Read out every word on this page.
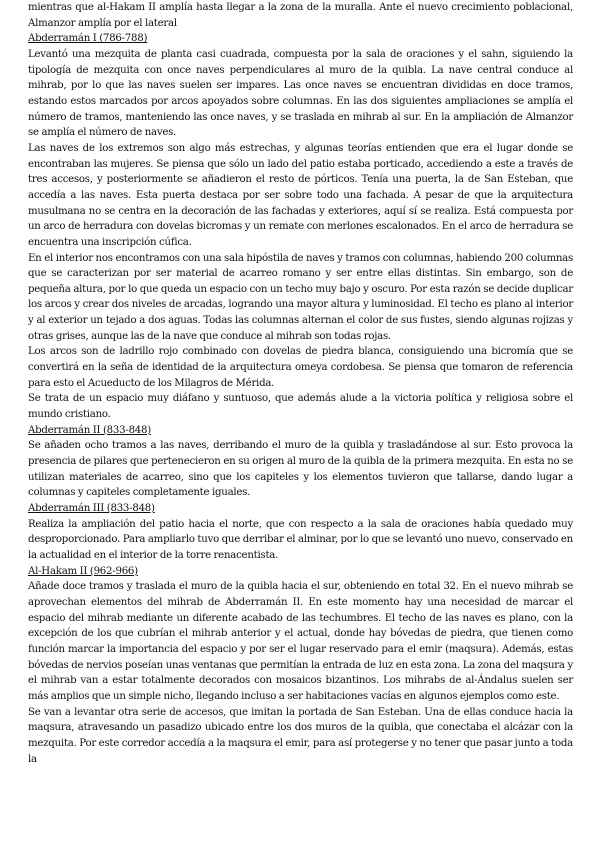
mientras que al-Hakam II amplía hasta llegar a la zona de la muralla. Ante el nuevo crecimiento poblacional, Almanzor amplía por el lateral

Abderramán I (786-788)

Levantó una mezquita de planta casi cuadrada, compuesta por la sala de oraciones y el sahn, siguiendo la tipología de mezquita con once naves perpendiculares al muro de la quibla. La nave central conduce al mihrab, por lo que las naves suelen ser impares. Las once naves se encuentran divididas en doce tramos, estando estos marcados por arcos apoyados sobre columnas. En las dos siguientes ampliaciones se amplía el número de tramos, manteniendo las once naves, y se traslada en mihrab al sur. En la ampliación de Almanzor se amplía el número de naves.

Las naves de los extremos son algo más estrechas, y algunas teorías entienden que era el lugar donde se encontraban las mujeres. Se piensa que sólo un lado del patio estaba porticado, accediendo a este a través de tres accesos, y posteriormente se añadieron el resto de pórticos. Tenía una puerta, la de San Esteban, que accedía a las naves. Esta puerta destaca por ser sobre todo una fachada. A pesar de que la arquitectura musulmana no se centra en la decoración de las fachadas y exteriores, aquí sí se realiza. Está compuesta por un arco de herradura con dovelas bicromas y un remate con merlones escalonados. En el arco de herradura se encuentra una inscripción cúfica.

En el interior nos encontramos con una sala hipóstila de naves y tramos con columnas, habiendo 200 columnas que se caracterizan por ser material de acarreo romano y ser entre ellas distintas. Sin embargo, son de pequeña altura, por lo que queda un espacio con un techo muy bajo y oscuro. Por esta razón se decide duplicar los arcos y crear dos niveles de arcadas, logrando una mayor altura y luminosidad. El techo es plano al interior y al exterior un tejado a dos aguas. Todas las columnas alternan el color de sus fustes, siendo algunas rojizas y otras grises, aunque las de la nave que conduce al mihrab son todas rojas.

Los arcos son de ladrillo rojo combinado con dovelas de piedra blanca, consiguiendo una bicromía que se convertirá en la seña de identidad de la arquitectura omeya cordobesa. Se piensa que tomaron de referencia para esto el Acueducto de los Milagros de Mérida.

Se trata de un espacio muy diáfano y suntuoso, que además alude a la victoria política y religiosa sobre el mundo cristiano.

Abderramán II (833-848)

Se añaden ocho tramos a las naves, derribando el muro de la quibla y trasladándose al sur. Esto provoca la presencia de pilares que pertenecieron en su origen al muro de la quibla de la primera mezquita. En esta no se utilizan materiales de acarreo, sino que los capiteles y los elementos tuvieron que tallarse, dando lugar a columnas y capiteles completamente iguales.

Abderramán III (833-848)

Realiza la ampliación del patio hacia el norte, que con respecto a la sala de oraciones había quedado muy desproporcionado. Para ampliarlo tuvo que derribar el alminar, por lo que se levantó uno nuevo, conservado en la actualidad en el interior de la torre renacentista.

Al-Hakam II (962-966)

Añade doce tramos y traslada el muro de la quibla hacia el sur, obteniendo en total 32. En el nuevo mihrab se aprovechan elementos del mihrab de Abderramán II. En este momento hay una necesidad de marcar el espacio del mihrab mediante un diferente acabado de las techumbres. El techo de las naves es plano, con la excepción de los que cubrían el mihrab anterior y el actual, donde hay bóvedas de piedra, que tienen como función marcar la importancia del espacio y por ser el lugar reservado para el emir (maqsura). Además, estas bóvedas de nervios poseían unas ventanas que permitían la entrada de luz en esta zona. La zona del maqsura y el mihrab van a estar totalmente decorados con mosaicos bizantinos. Los mihrabs de al-Ándalus suelen ser más amplios que un simple nicho, llegando incluso a ser habitaciones vacías en algunos ejemplos como este.

Se van a levantar otra serie de accesos, que imitan la portada de San Esteban. Una de ellas conduce hacia la maqsura, atravesando un pasadizo ubicado entre los dos muros de la quibla, que conectaba el alcázar con la mezquita. Por este corredor accedía a la maqsura el emir, para así protegerse y no tener que pasar junto a toda la
